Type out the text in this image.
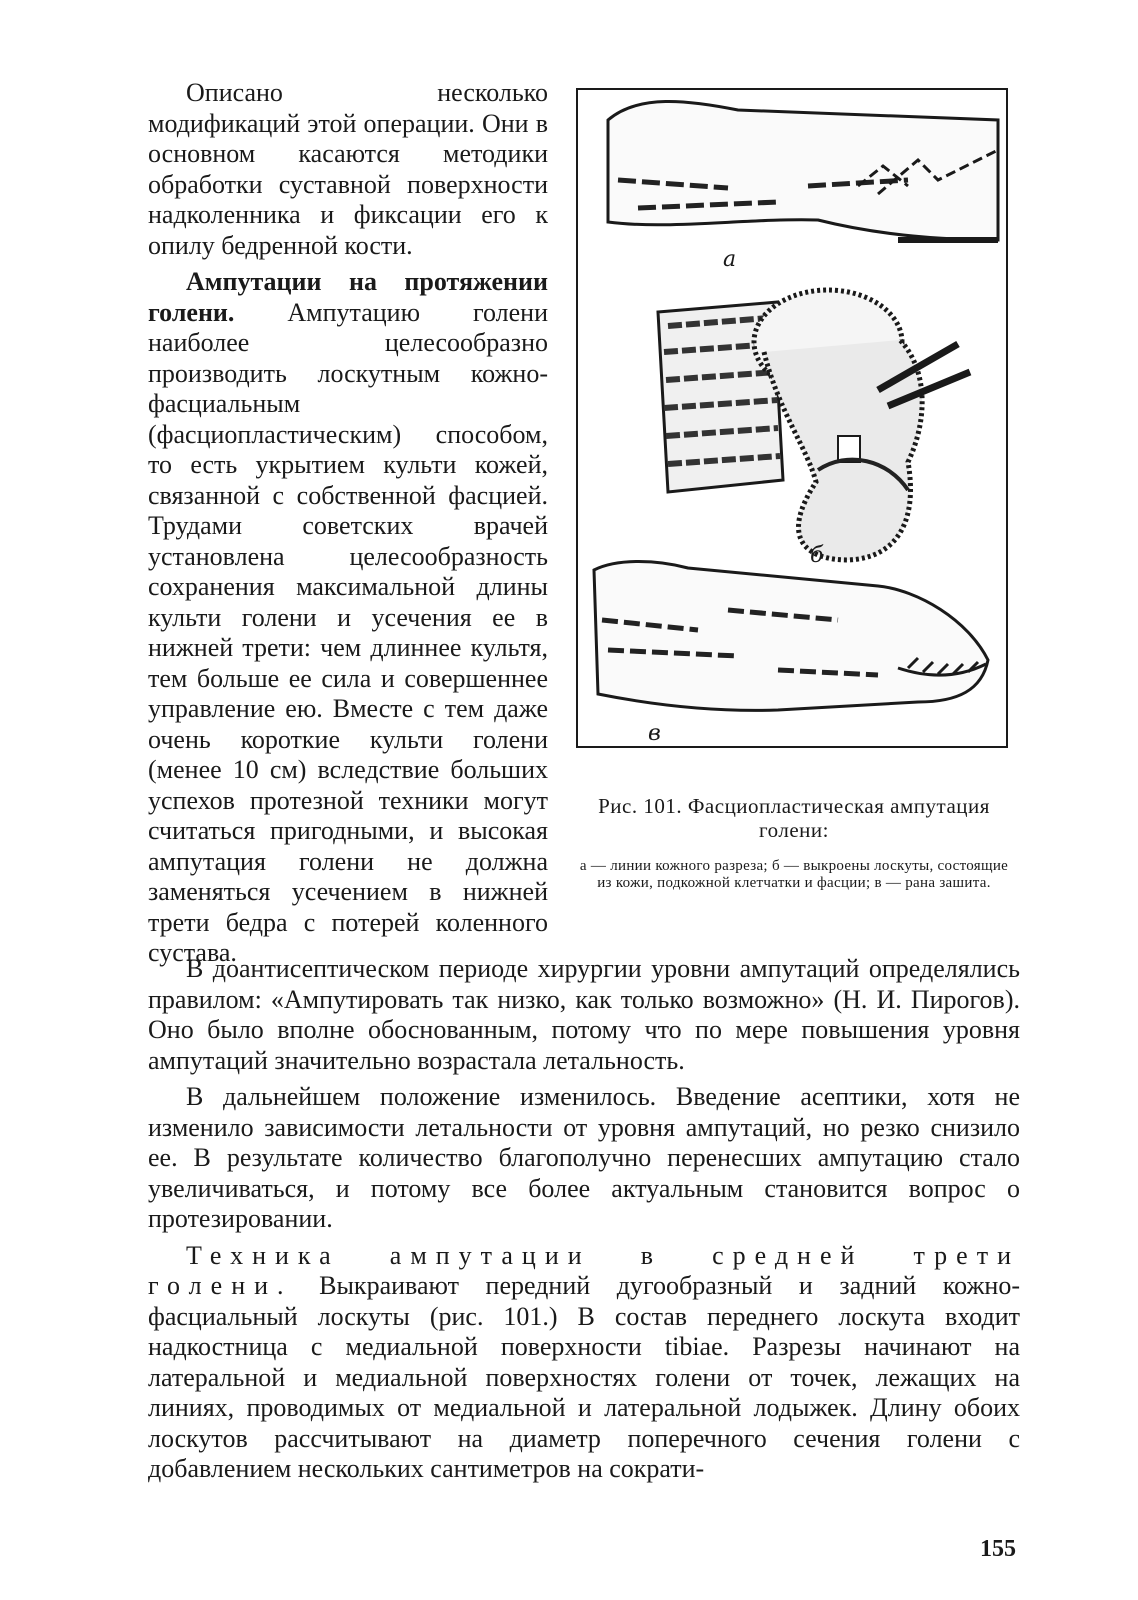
Описано несколько модификаций этой операции. Они в основном касаются методики обработки суставной поверхности надколенника и фиксации его к опилу бедренной кости.

Ампутации на протяжении голени. Ампутацию голени наиболее целесообразно производить лоскутным кожно-фасциальным (фасциопластическим) способом, то есть укрытием культи кожей, связанной с собственной фасцией. Трудами советских врачей установлена целесообразность сохранения максимальной длины культи голени и усечения ее в нижней трети: чем длиннее культя, тем больше ее сила и совершеннее управление ею. Вместе с тем даже очень короткие культи голени (менее 10 см) вследствие больших успехов протезной техники могут считаться пригодными, и высокая ампутация голени не должна заменяться усечением в нижней трети бедра с потерей коленного сустава.

а
б
в
Рис. 101. Фасциопластическая ампутация голени:
а — линии кожного разреза; б — выкроены лоскуты, состоящие из кожи, подкожной клетчатки и фасции; в — рана зашита.

В доантисептическом периоде хирургии уровни ампутаций определялись правилом: «Ампутировать так низко, как только возможно» (Н. И. Пирогов). Оно было вполне обоснованным, потому что по мере повышения уровня ампутаций значительно возрастала летальность.

В дальнейшем положение изменилось. Введение асептики, хотя не изменило зависимости летальности от уровня ампутаций, но резко снизило ее. В результате количество благополучно перенесших ампутацию стало увеличиваться, и потому все более актуальным становится вопрос о протезировании.

Техника ампутации в средней трети голени. Выкраивают передний дугообразный и задний кожно-фасциальный лоскуты (рис. 101.) В состав переднего лоскута входит надкостница с медиальной поверхности tibiae. Разрезы начинают на латеральной и медиальной поверхностях голени от точек, лежащих на линиях, проводимых от медиальной и латеральной лодыжек. Длину обоих лоскутов рассчитывают на диаметр поперечного сечения голени с добавлением нескольких сантиметров на сократи-

155
